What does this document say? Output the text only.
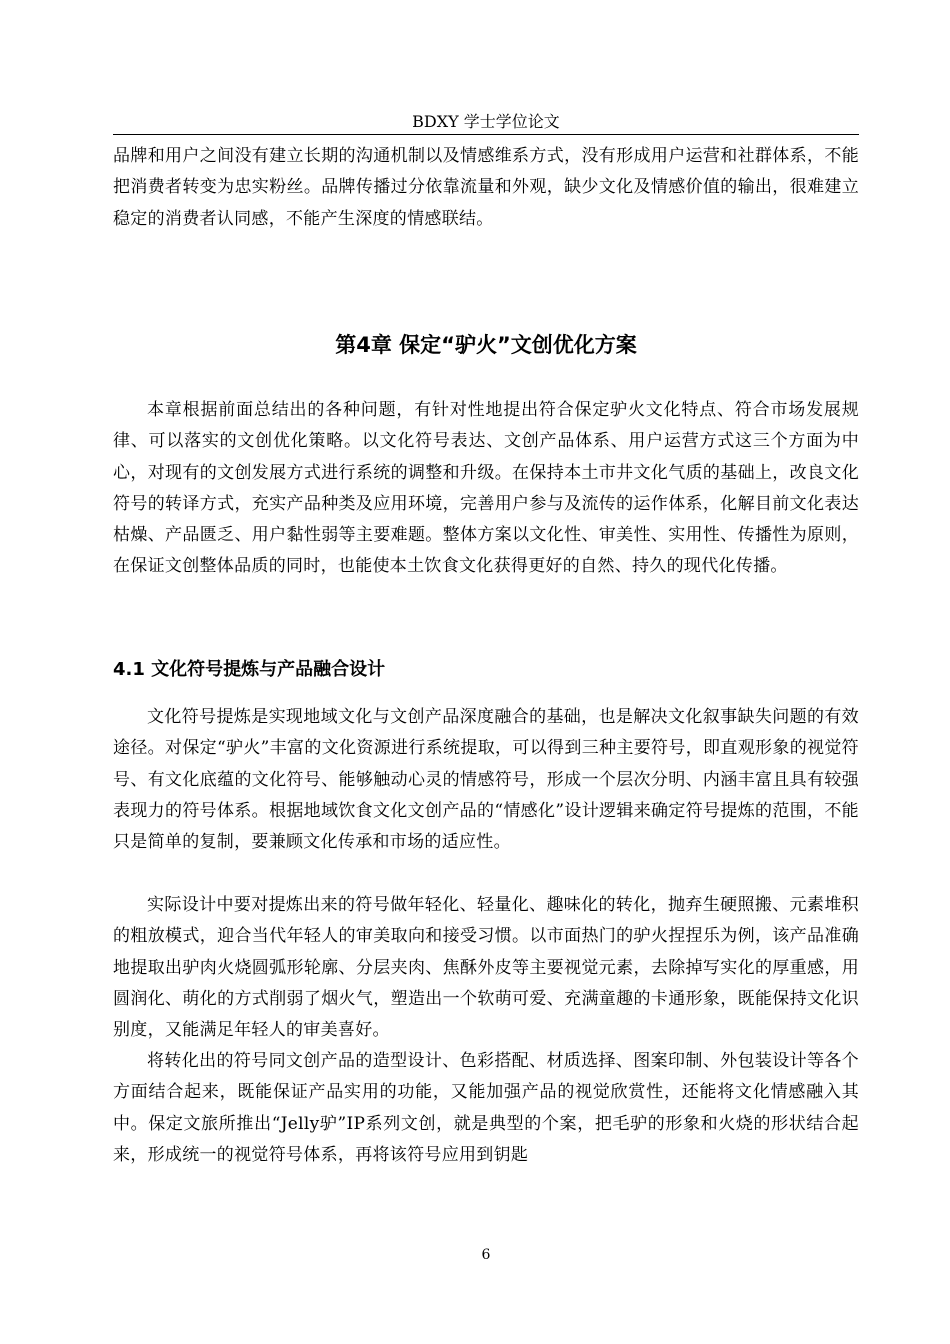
BDXY 学士学位论文

品牌和用户之间没有建立长期的沟通机制以及情感维系方式，没有形成用户运营和社群体系，不能把消费者转变为忠实粉丝。品牌传播过分依靠流量和外观，缺少文化及情感价值的输出，很难建立稳定的消费者认同感，不能产生深度的情感联结。

第4章 保定“驴火”文创优化方案

本章根据前面总结出的各种问题，有针对性地提出符合保定驴火文化特点、符合市场发展规律、可以落实的文创优化策略。以文化符号表达、文创产品体系、用户运营方式这三个方面为中心，对现有的文创发展方式进行系统的调整和升级。在保持本土市井文化气质的基础上，改良文化符号的转译方式，充实产品种类及应用环境，完善用户参与及流传的运作体系，化解目前文化表达枯燥、产品匮乏、用户黏性弱等主要难题。整体方案以文化性、审美性、实用性、传播性为原则，在保证文创整体品质的同时，也能使本土饮食文化获得更好的自然、持久的现代化传播。

4.1 文化符号提炼与产品融合设计

文化符号提炼是实现地域文化与文创产品深度融合的基础，也是解决文化叙事缺失问题的有效途径。对保定“驴火”丰富的文化资源进行系统提取，可以得到三种主要符号，即直观形象的视觉符号、有文化底蕴的文化符号、能够触动心灵的情感符号，形成一个层次分明、内涵丰富且具有较强表现力的符号体系。根据地域饮食文化文创产品的“情感化”设计逻辑来确定符号提炼的范围，不能只是简单的复制，要兼顾文化传承和市场的适应性。

实际设计中要对提炼出来的符号做年轻化、轻量化、趣味化的转化，抛弃生硬照搬、元素堆积的粗放模式，迎合当代年轻人的审美取向和接受习惯。以市面热门的驴火捏捏乐为例，该产品准确地提取出驴肉火烧圆弧形轮廓、分层夹肉、焦酥外皮等主要视觉元素，去除掉写实化的厚重感，用圆润化、萌化的方式削弱了烟火气，塑造出一个软萌可爱、充满童趣的卡通形象，既能保持文化识别度，又能满足年轻人的审美喜好。

将转化出的符号同文创产品的造型设计、色彩搭配、材质选择、图案印制、外包装设计等各个方面结合起来，既能保证产品实用的功能，又能加强产品的视觉欣赏性，还能将文化情感融入其中。保定文旅所推出“Jelly驴”IP系列文创，就是典型的个案，把毛驴的形象和火烧的形状结合起来，形成统一的视觉符号体系，再将该符号应用到钥匙

6
